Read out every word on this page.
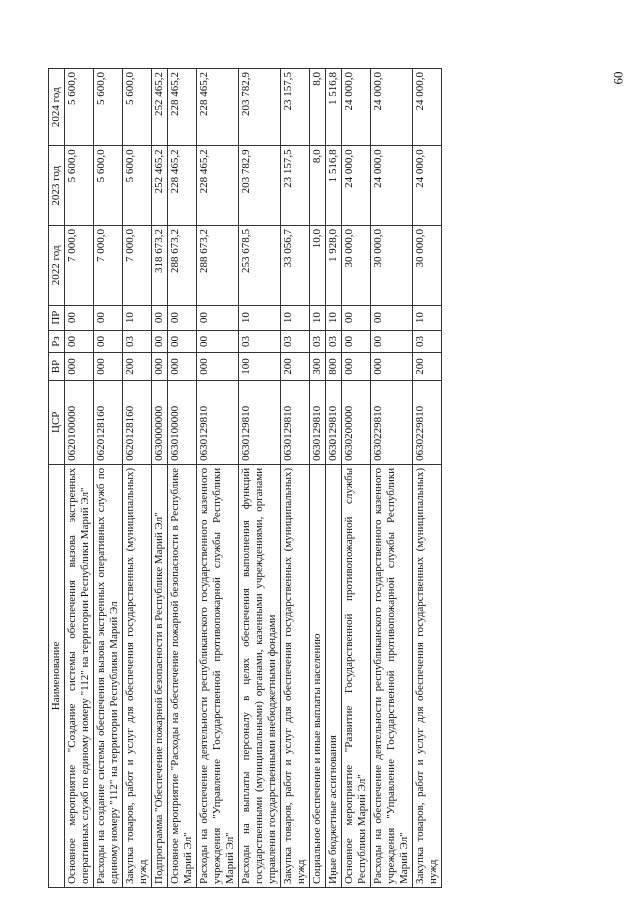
60
Наименование	ЦСР	ВР	Рз	ПР	2022 год	2023 год	2024 год
Основное мероприятие "Создание системы обеспечения вызова экстренных оперативных служб по единому номеру "112" на территории Республики Марий Эл"	0620100000	000	00	00	7 000,0	5 600,0	5 600,0
Расходы на создание системы обеспечения вызова экстренных оперативных служб по единому номеру "112" на территории Республики Марий Эл	0620128160	000	00	00	7 000,0	5 600,0	5 600,0
Закупка товаров, работ и услуг для обеспечения государственных (муниципальных) нужд	0620128160	200	03	10	7 000,0	5 600,0	5 600,0
Подпрограмма "Обеспечение пожарной безопасности в Республике Марий Эл"	0630000000	000	00	00	318 673,2	252 465,2	252 465,2
Основное мероприятие "Расходы на обеспечение пожарной безопасности в Республике Марий Эл"	0630100000	000	00	00	288 673,2	228 465,2	228 465,2
Расходы на обеспечение деятельности республиканского государственного казенного учреждения "Управление Государственной противопожарной службы Республики Марий Эл"	0630129810	000	00	00	288 673,2	228 465,2	228 465,2
Расходы на выплаты персоналу в целях обеспечения выполнения функций государственными (муниципальными) органами, казенными учреждениями, органами управления государственными внебюджетными фондами	0630129810	100	03	10	253 678,5	203 782,9	203 782,9
Закупка товаров, работ и услуг для обеспечения государственных (муниципальных) нужд	0630129810	200	03	10	33 056,7	23 157,5	23 157,5
Социальное обеспечение и иные выплаты населению	0630129810	300	03	10	10,0	8,0	8,0
Иные бюджетные ассигнования	0630129810	800	03	10	1 928,0	1 516,8	1 516,8
Основное мероприятие "Развитие Государственной противопожарной службы Республики Марий Эл"	0630200000	000	00	00	30 000,0	24 000,0	24 000,0
Расходы на обеспечение деятельности республиканского государственного казенного учреждения "Управление Государственной противопожарной службы Республики Марий Эл"	0630229810	000	00	00	30 000,0	24 000,0	24 000,0
Закупка товаров, работ и услуг для обеспечения государственных (муниципальных) нужд	0630229810	200	03	10	30 000,0	24 000,0	24 000,0
